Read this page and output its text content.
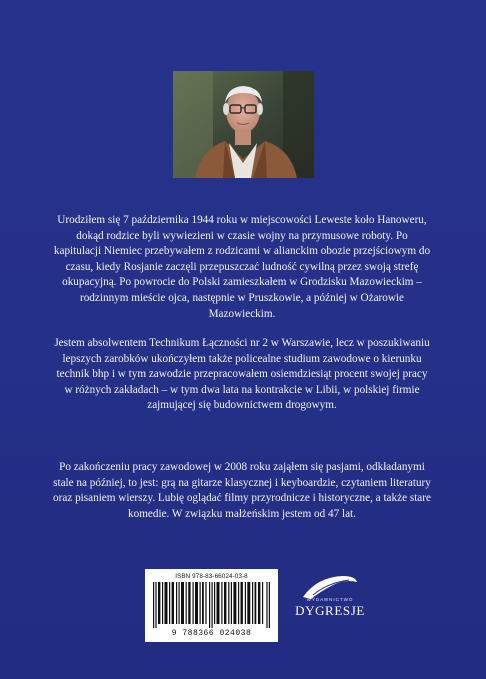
Urodziłem się 7 października 1944 roku w miejscowości Leweste koło Hanoweru, dokąd rodzice byli wywiezieni w czasie wojny na przymusowe roboty. Po kapitulacji Niemiec przebywałem z rodzicami w alianckim obozie przejściowym do czasu, kiedy Rosjanie zaczęli przepuszczać ludność cywilną przez swoją strefę okupacyjną. Po powrocie do Polski zamieszkałem w Grodzisku Mazowieckim – rodzinnym mieście ojca, następnie w Pruszkowie, a później w Ożarowie Mazowieckim.

Jestem absolwentem Technikum Łączności nr 2 w Warszawie, lecz w poszukiwaniu lepszych zarobków ukończyłem także policealne studium zawodowe o kierunku technik bhp i w tym zawodzie przepracowałem osiemdziesiąt procent swojej pracy w różnych zakładach – w tym dwa lata na kontrakcie w Libii, w polskiej firmie zajmującej się budownictwem drogowym.

Po zakończeniu pracy zawodowej w 2008 roku zająłem się pasjami, odkładanymi stale na później, to jest: grą na gitarze klasycznej i keyboardzie, czytaniem literatury oraz pisaniem wierszy. Lubię oglądać filmy przyrodnicze i historyczne, a także stare komedie. W związku małżeńskim jestem od 47 lat.

ISBN 978-83-66024-03-8
9 788366 024038
WYDAWNICTWO
DYGRESJE
